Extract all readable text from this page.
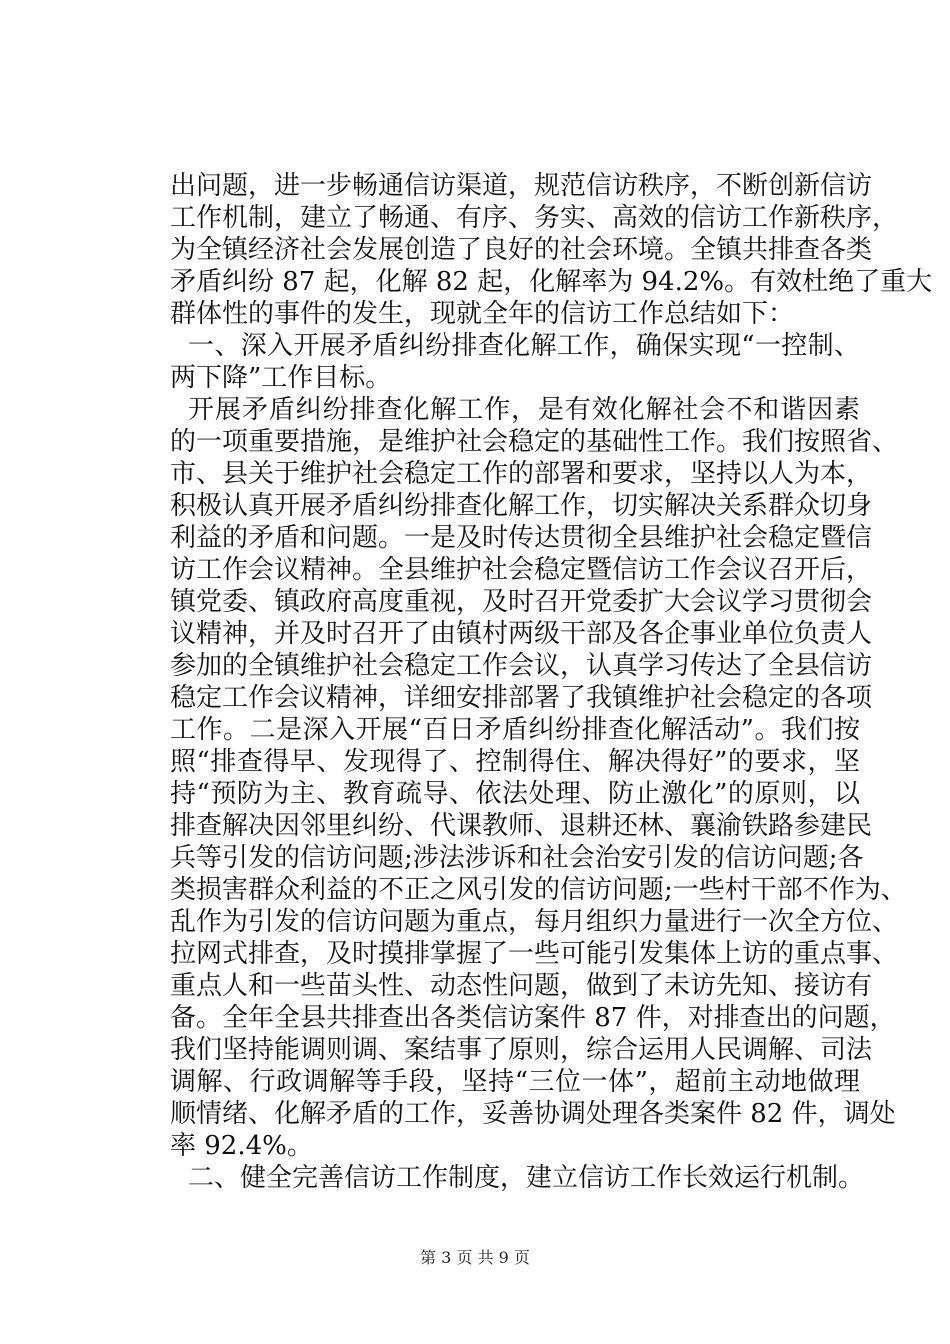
出问题，进一步畅通信访渠道，规范信访秩序，不断创新信访
工作机制，建立了畅通、有序、务实、高效的信访工作新秩序，
为全镇经济社会发展创造了良好的社会环境。全镇共排查各类
矛盾纠纷 87 起，化解 82 起，化解率为 94.2%。有效杜绝了重大
群体性的事件的发生，现就全年的信访工作总结如下：
一、深入开展矛盾纠纷排查化解工作，确保实现“一控制、
两下降”工作目标。
开展矛盾纠纷排查化解工作，是有效化解社会不和谐因素
的一项重要措施，是维护社会稳定的基础性工作。我们按照省、
市、县关于维护社会稳定工作的部署和要求，坚持以人为本，
积极认真开展矛盾纠纷排查化解工作，切实解决关系群众切身
利益的矛盾和问题。一是及时传达贯彻全县维护社会稳定暨信
访工作会议精神。全县维护社会稳定暨信访工作会议召开后，
镇党委、镇政府高度重视，及时召开党委扩大会议学习贯彻会
议精神，并及时召开了由镇村两级干部及各企事业单位负责人
参加的全镇维护社会稳定工作会议，认真学习传达了全县信访
稳定工作会议精神，详细安排部署了我镇维护社会稳定的各项
工作。二是深入开展“百日矛盾纠纷排查化解活动”。我们按
照“排查得早、发现得了、控制得住、解决得好”的要求，坚
持“预防为主、教育疏导、依法处理、防止激化”的原则，以
排查解决因邻里纠纷、代课教师、退耕还林、襄渝铁路参建民
兵等引发的信访问题;涉法涉诉和社会治安引发的信访问题;各
类损害群众利益的不正之风引发的信访问题;一些村干部不作为、
乱作为引发的信访问题为重点，每月组织力量进行一次全方位、
拉网式排查，及时摸排掌握了一些可能引发集体上访的重点事、
重点人和一些苗头性、动态性问题，做到了未访先知、接访有
备。全年全县共排查出各类信访案件 87 件，对排查出的问题，
我们坚持能调则调、案结事了原则，综合运用人民调解、司法
调解、行政调解等手段，坚持“三位一体”，超前主动地做理
顺情绪、化解矛盾的工作，妥善协调处理各类案件 82 件，调处
率 92.4%。
二、健全完善信访工作制度，建立信访工作长效运行机制。
第 3 页 共 9 页
